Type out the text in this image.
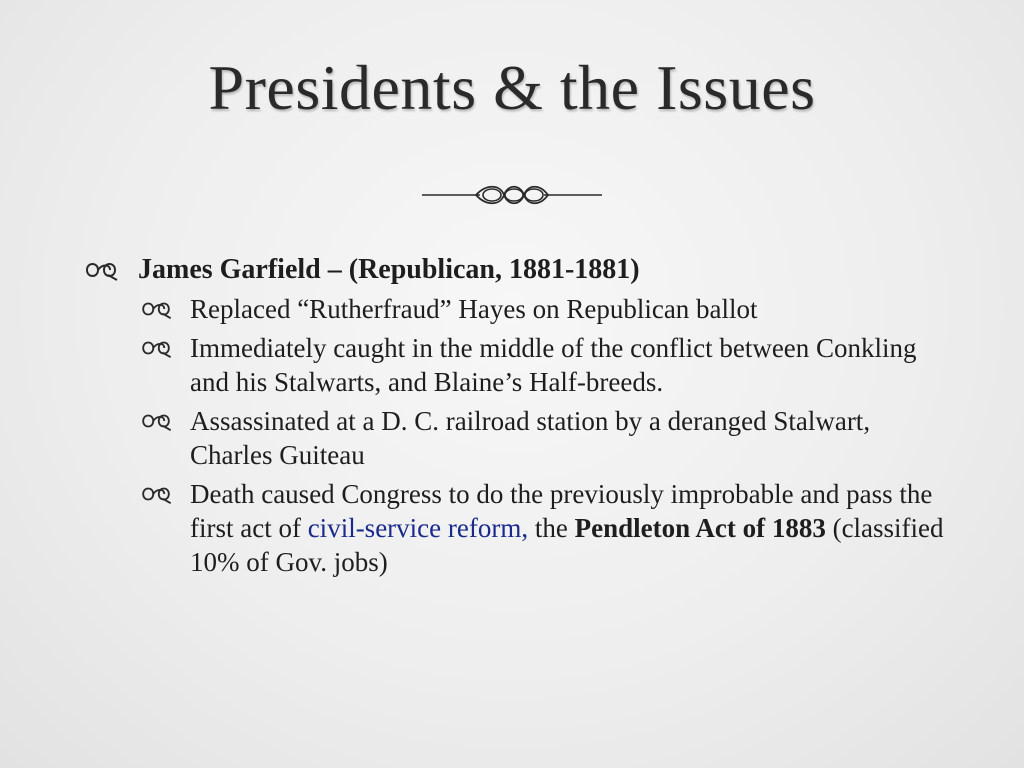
Presidents & the Issues
James Garfield – (Republican, 1881-1881)
Replaced “Rutherfraud” Hayes on Republican ballot
Immediately caught in the middle of the conflict between Conkling and his Stalwarts, and Blaine’s Half-breeds.
Assassinated at a D. C. railroad station by a deranged Stalwart, Charles Guiteau
Death caused Congress to do the previously improbable and pass the first act of civil-service reform, the Pendleton Act of 1883 (classified 10% of Gov. jobs)
